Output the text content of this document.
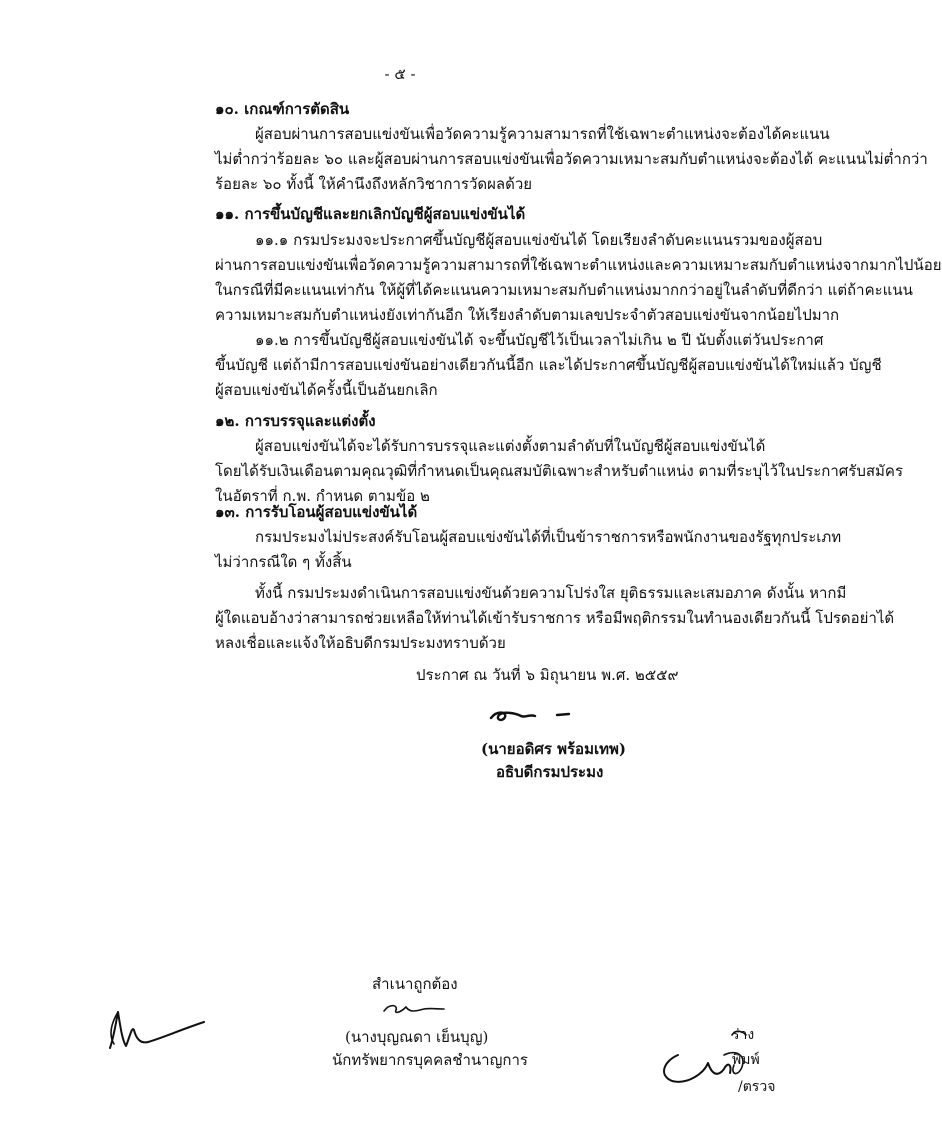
- ๕ -
๑๐. เกณฑ์การตัดสิน
ผู้สอบผ่านการสอบแข่งขันเพื่อวัดความรู้ความสามารถที่ใช้เฉพาะตำแหน่งจะต้องได้คะแนน
ไม่ต่ำกว่าร้อยละ ๖๐ และผู้สอบผ่านการสอบแข่งขันเพื่อวัดความเหมาะสมกับตำแหน่งจะต้องได้ คะแนนไม่ต่ำกว่า
ร้อยละ ๖๐ ทั้งนี้ ให้คำนึงถึงหลักวิชาการวัดผลด้วย
๑๑. การขึ้นบัญชีและยกเลิกบัญชีผู้สอบแข่งขันได้
๑๑.๑ กรมประมงจะประกาศขึ้นบัญชีผู้สอบแข่งขันได้ โดยเรียงลำดับคะแนนรวมของผู้สอบ
ผ่านการสอบแข่งขันเพื่อวัดความรู้ความสามารถที่ใช้เฉพาะตำแหน่งและความเหมาะสมกับตำแหน่งจากมากไปน้อย
ในกรณีที่มีคะแนนเท่ากัน ให้ผู้ที่ได้คะแนนความเหมาะสมกับตำแหน่งมากกว่าอยู่ในลำดับที่ดีกว่า แต่ถ้าคะแนน
ความเหมาะสมกับตำแหน่งยังเท่ากันอีก ให้เรียงลำดับตามเลขประจำตัวสอบแข่งขันจากน้อยไปมาก
๑๑.๒ การขึ้นบัญชีผู้สอบแข่งขันได้ จะขึ้นบัญชีไว้เป็นเวลาไม่เกิน ๒ ปี นับตั้งแต่วันประกาศ
ขึ้นบัญชี แต่ถ้ามีการสอบแข่งขันอย่างเดียวกันนี้อีก และได้ประกาศขึ้นบัญชีผู้สอบแข่งขันได้ใหม่แล้ว บัญชี
ผู้สอบแข่งขันได้ครั้งนี้เป็นอันยกเลิก
๑๒. การบรรจุและแต่งตั้ง
ผู้สอบแข่งขันได้จะได้รับการบรรจุและแต่งตั้งตามลำดับที่ในบัญชีผู้สอบแข่งขันได้
โดยได้รับเงินเดือนตามคุณวุฒิที่กำหนดเป็นคุณสมบัติเฉพาะสำหรับตำแหน่ง ตามที่ระบุไว้ในประกาศรับสมัคร
ในอัตราที่ ก.พ. กำหนด ตามข้อ ๒
๑๓. การรับโอนผู้สอบแข่งขันได้
กรมประมงไม่ประสงค์รับโอนผู้สอบแข่งขันได้ที่เป็นข้าราชการหรือพนักงานของรัฐทุกประเภท
ไม่ว่ากรณีใด ๆ ทั้งสิ้น
ทั้งนี้ กรมประมงดำเนินการสอบแข่งขันด้วยความโปร่งใส ยุติธรรมและเสมอภาค ดังนั้น หากมี
ผู้ใดแอบอ้างว่าสามารถช่วยเหลือให้ท่านได้เข้ารับราชการ หรือมีพฤติกรรมในทำนองเดียวกันนี้ โปรดอย่าได้
หลงเชื่อและแจ้งให้อธิบดีกรมประมงทราบด้วย
ประกาศ ณ วันที่ ๖ มิถุนายน พ.ศ. ๒๕๕๙
(นายอดิศร พร้อมเทพ)
อธิบดีกรมประมง
สำเนาถูกต้อง
(นางบุญณดา เย็นบุญ)
นักทรัพยากรบุคคลชำนาญการ
ร่าง
พิมพ์
/ตรวจ
